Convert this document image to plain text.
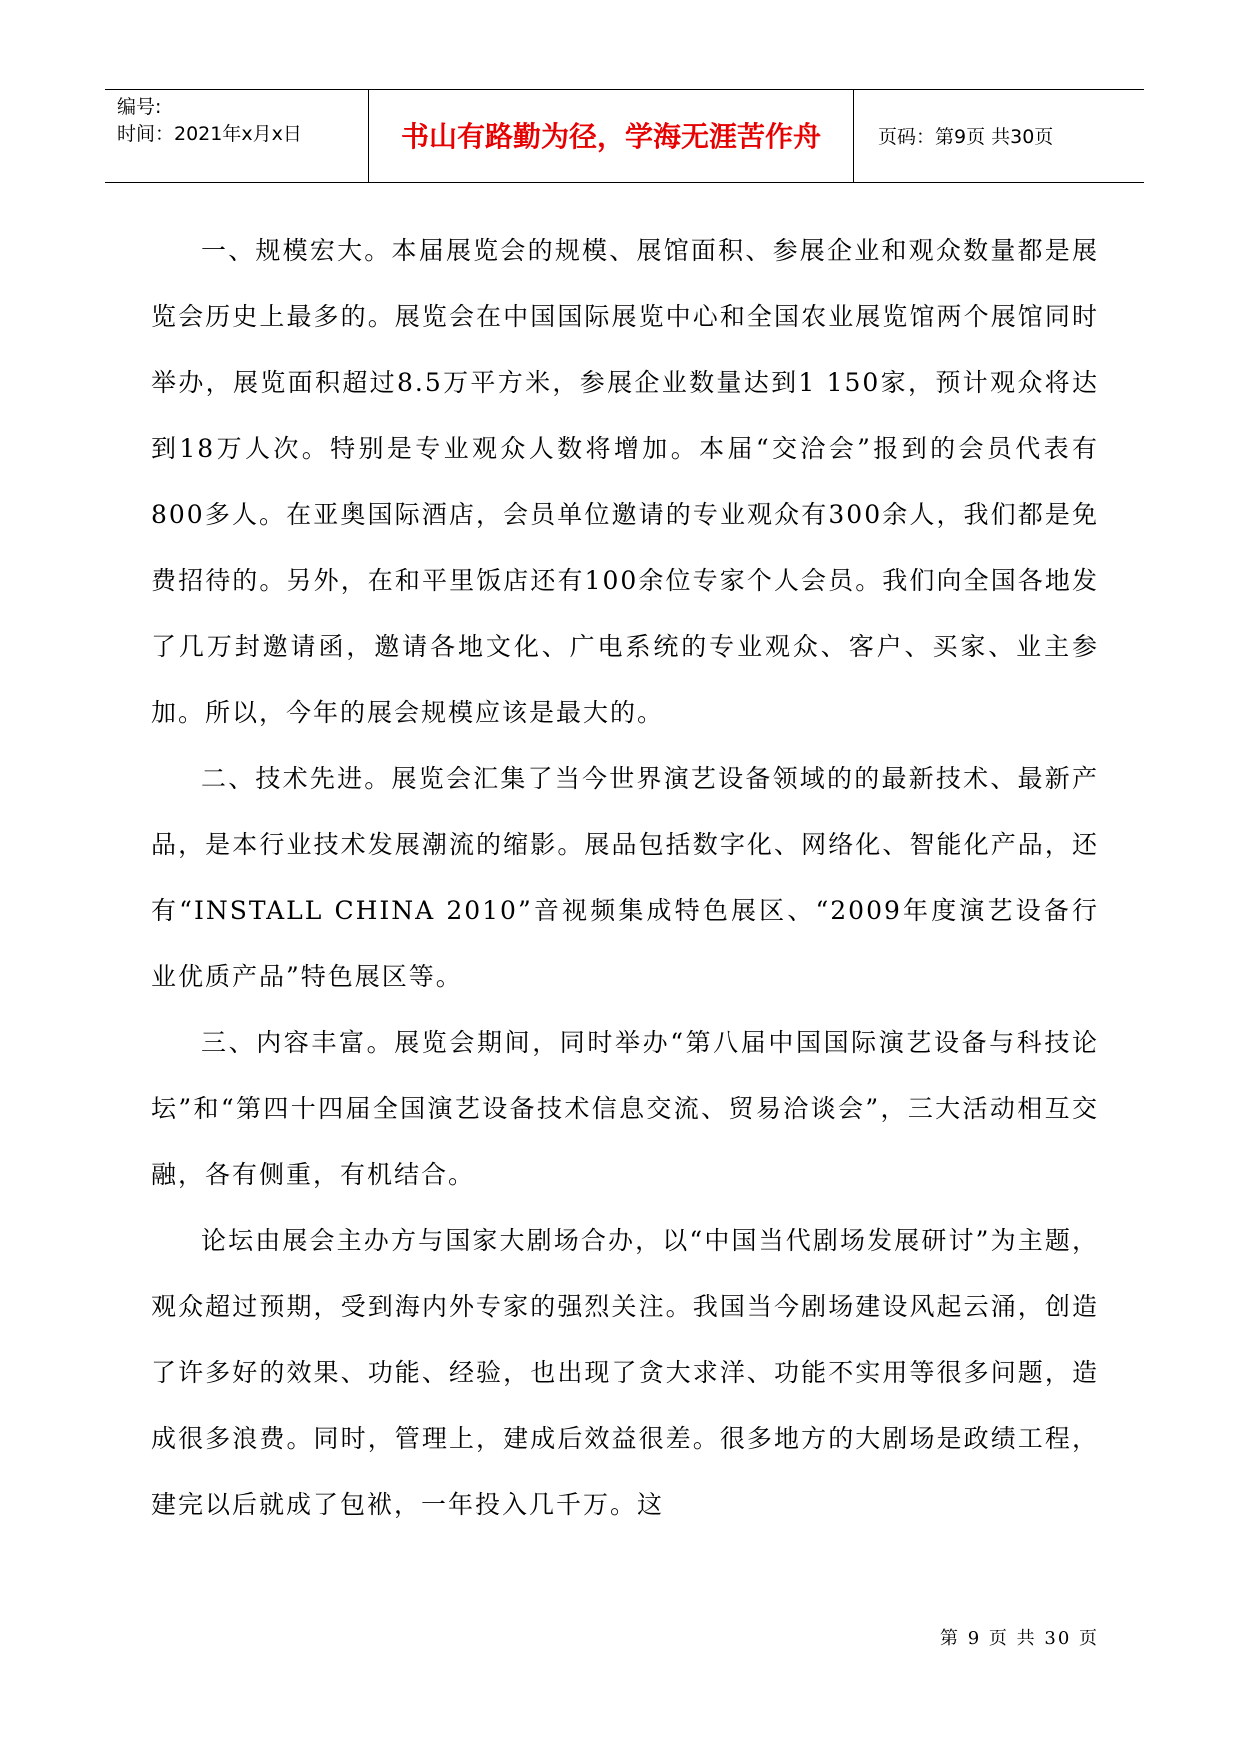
编号:
时间：2021年x月x日	书山有路勤为径，学海无涯苦作舟	页码：第9页 共30页

一、规模宏大。本届展览会的规模、展馆面积、参展企业和观众数量都是展览会历史上最多的。展览会在中国国际展览中心和全国农业展览馆两个展馆同时举办，展览面积超过8.5万平方米，参展企业数量达到1 150家，预计观众将达到18万人次。特别是专业观众人数将增加。本届“交洽会”报到的会员代表有800多人。在亚奥国际酒店，会员单位邀请的专业观众有300余人，我们都是免费招待的。另外，在和平里饭店还有100余位专家个人会员。我们向全国各地发了几万封邀请函，邀请各地文化、广电系统的专业观众、客户、买家、业主参加。所以，今年的展会规模应该是最大的。

二、技术先进。展览会汇集了当今世界演艺设备领域的的最新技术、最新产品，是本行业技术发展潮流的缩影。展品包括数字化、网络化、智能化产品，还有“INSTALL CHINA 2010”音视频集成特色展区、“2009年度演艺设备行业优质产品”特色展区等。

三、内容丰富。展览会期间，同时举办“第八届中国国际演艺设备与科技论坛”和“第四十四届全国演艺设备技术信息交流、贸易洽谈会”，三大活动相互交融，各有侧重，有机结合。

论坛由展会主办方与国家大剧场合办，以“中国当代剧场发展研讨”为主题，观众超过预期，受到海内外专家的强烈关注。我国当今剧场建设风起云涌，创造了许多好的效果、功能、经验，也出现了贪大求洋、功能不实用等很多问题，造成很多浪费。同时，管理上，建成后效益很差。很多地方的大剧场是政绩工程，建完以后就成了包袱，一年投入几千万。这

第 9 页 共 30 页
